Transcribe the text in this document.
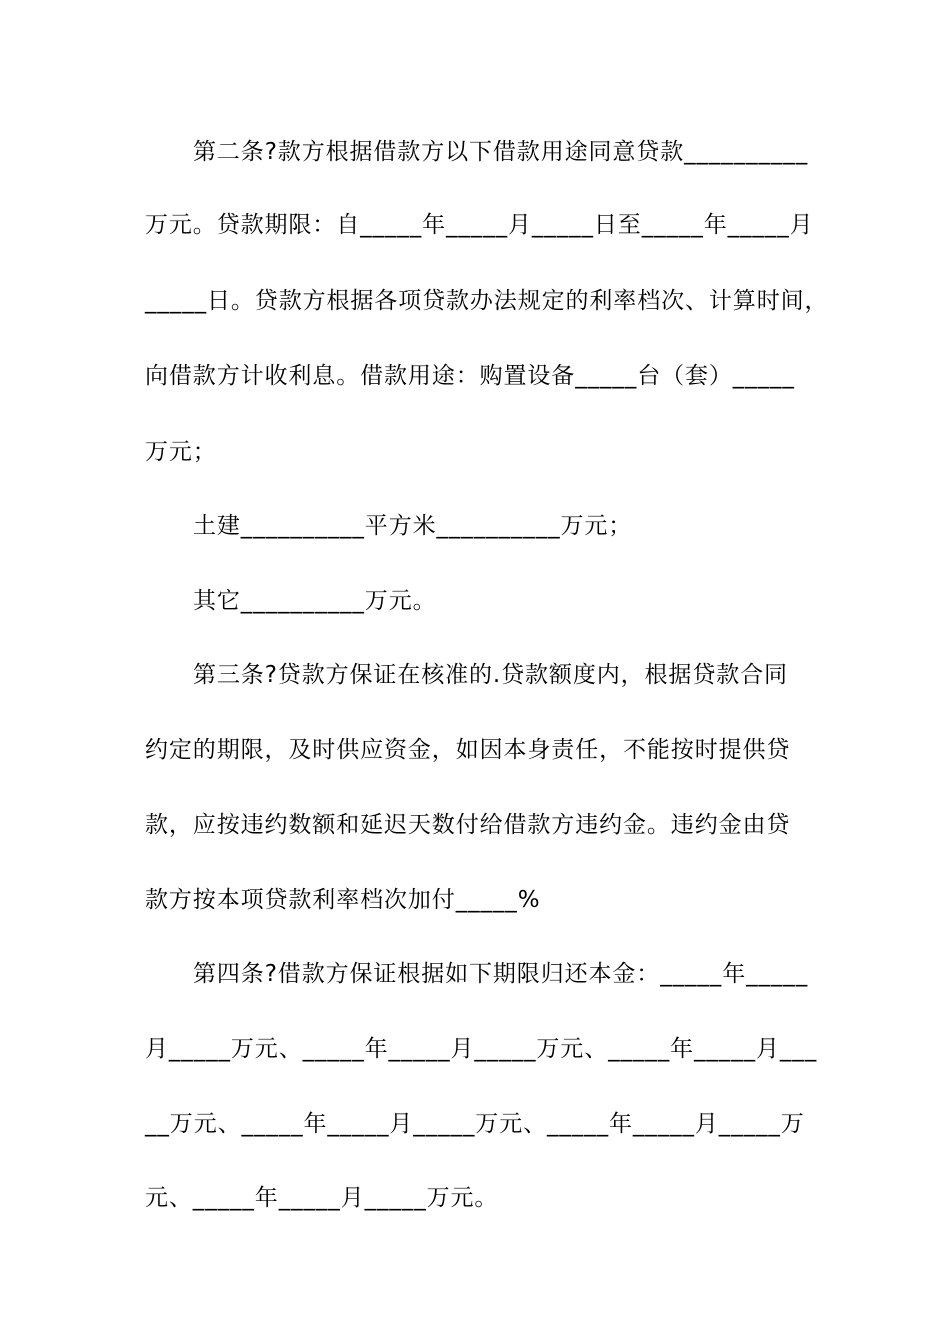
第二条?款方根据借款方以下借款用途同意贷款__________
万元。贷款期限：自_____年_____月_____日至_____年_____月
_____日。贷款方根据各项贷款办法规定的利率档次、计算时间，
向借款方计收利息。借款用途：购置设备_____台（套）_____
万元；
土建__________平方米__________万元；
其它__________万元。
第三条?贷款方保证在核准的.贷款额度内，根据贷款合同
约定的期限，及时供应资金，如因本身责任，不能按时提供贷
款，应按违约数额和延迟天数付给借款方违约金。违约金由贷
款方按本项贷款利率档次加付_____%
第四条?借款方保证根据如下期限归还本金：_____年_____
月_____万元、_____年_____月_____万元、_____年_____月___
__万元、_____年_____月_____万元、_____年_____月_____万
元、_____年_____月_____万元。
